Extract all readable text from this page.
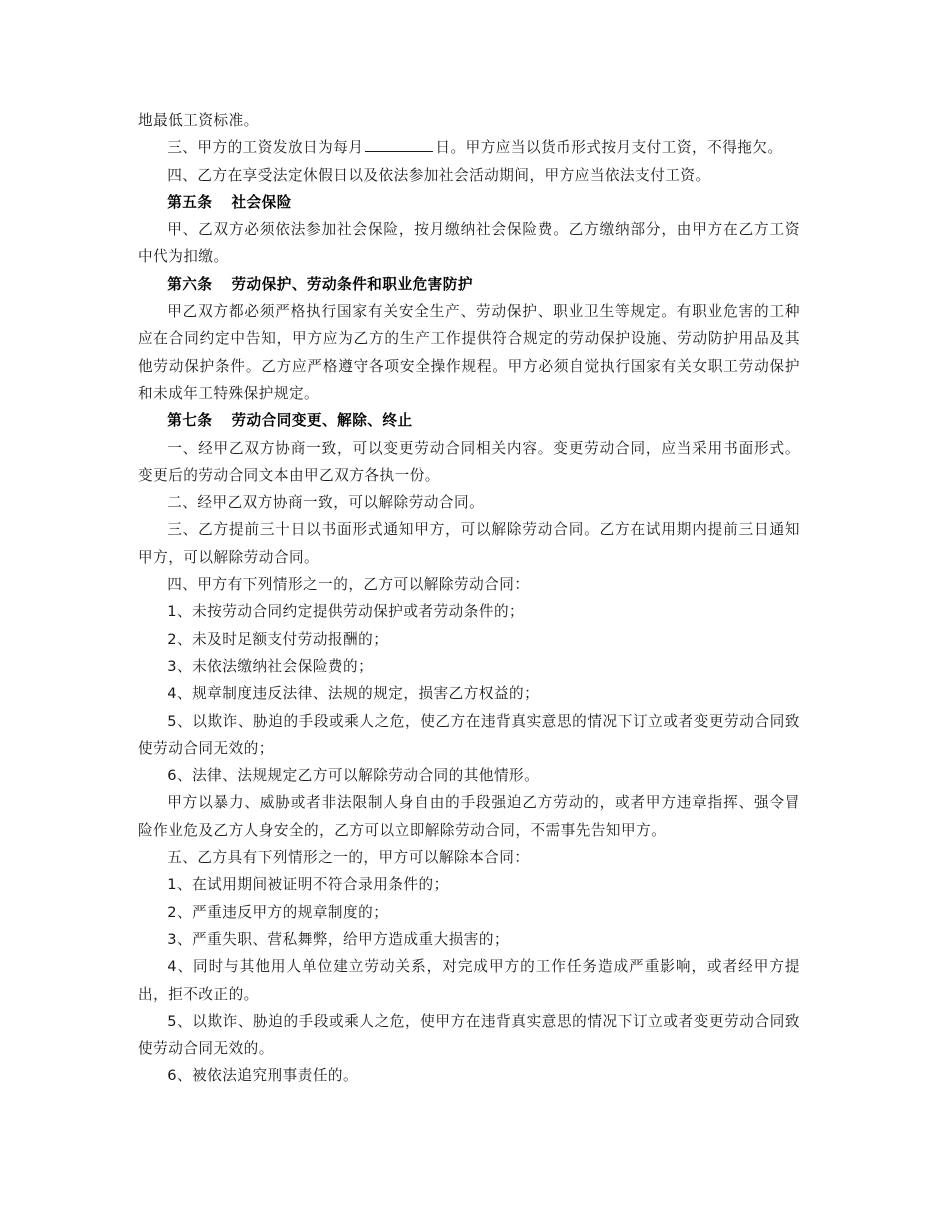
地最低工资标准。

三、甲方的工资发放日为每月	日。甲方应当以货币形式按月支付工资，不得拖欠。

四、乙方在享受法定休假日以及依法参加社会活动期间，甲方应当依法支付工资。

第五条 社会保险

甲、乙双方必须依法参加社会保险，按月缴纳社会保险费。乙方缴纳部分，由甲方在乙方工资中代为扣缴。

第六条 劳动保护、劳动条件和职业危害防护

甲乙双方都必须严格执行国家有关安全生产、劳动保护、职业卫生等规定。有职业危害的工种应在合同约定中告知，甲方应为乙方的生产工作提供符合规定的劳动保护设施、劳动防护用品及其他劳动保护条件。乙方应严格遵守各项安全操作规程。甲方必须自觉执行国家有关女职工劳动保护和未成年工特殊保护规定。

第七条 劳动合同变更、解除、终止

一、经甲乙双方协商一致，可以变更劳动合同相关内容。变更劳动合同，应当采用书面形式。变更后的劳动合同文本由甲乙双方各执一份。

二、经甲乙双方协商一致，可以解除劳动合同。

三、乙方提前三十日以书面形式通知甲方，可以解除劳动合同。乙方在试用期内提前三日通知甲方，可以解除劳动合同。

四、甲方有下列情形之一的，乙方可以解除劳动合同：

1、未按劳动合同约定提供劳动保护或者劳动条件的；

2、未及时足额支付劳动报酬的；

3、未依法缴纳社会保险费的；

4、规章制度违反法律、法规的规定，损害乙方权益的；

5、以欺诈、胁迫的手段或乘人之危，使乙方在违背真实意思的情况下订立或者变更劳动合同致使劳动合同无效的；

6、法律、法规规定乙方可以解除劳动合同的其他情形。

甲方以暴力、威胁或者非法限制人身自由的手段强迫乙方劳动的，或者甲方违章指挥、强令冒险作业危及乙方人身安全的，乙方可以立即解除劳动合同，不需事先告知甲方。

五、乙方具有下列情形之一的，甲方可以解除本合同：

1、在试用期间被证明不符合录用条件的；

2、严重违反甲方的规章制度的；

3、严重失职、营私舞弊，给甲方造成重大损害的；

4、同时与其他用人单位建立劳动关系，对完成甲方的工作任务造成严重影响，或者经甲方提出，拒不改正的。

5、以欺诈、胁迫的手段或乘人之危，使甲方在违背真实意思的情况下订立或者变更劳动合同致使劳动合同无效的。

6、被依法追究刑事责任的。
